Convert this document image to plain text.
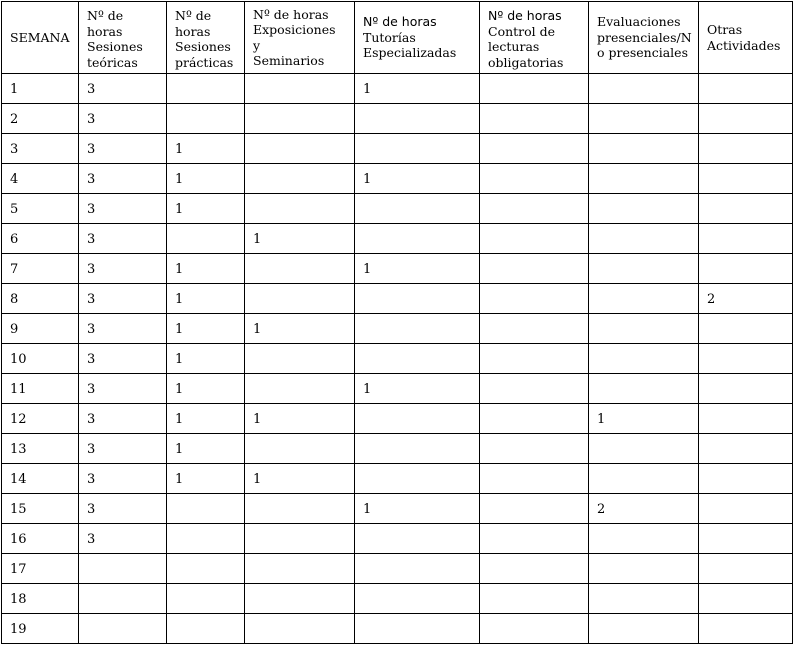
SEMANA	Nº de
horas
Sesiones
teóricas	Nº de
horas
Sesiones
prácticas	Nº de horas
Exposiciones y
Seminarios	Nº de horas
Tutorías
Especializadas	Nº de horas
Control de
lecturas
obligatorias	Evaluaciones
presenciales/N
o presenciales	Otras
Actividades

1	3			1			
2	3						
3	3	1					
4	3	1		1			
5	3	1					
6	3		1				
7	3	1		1			
8	3	1					2
9	3	1	1				
10	3	1					
11	3	1		1			
12	3	1	1			1	
13	3	1					
14	3	1	1				
15	3			1		2	
16	3						
17							
18							
19							
